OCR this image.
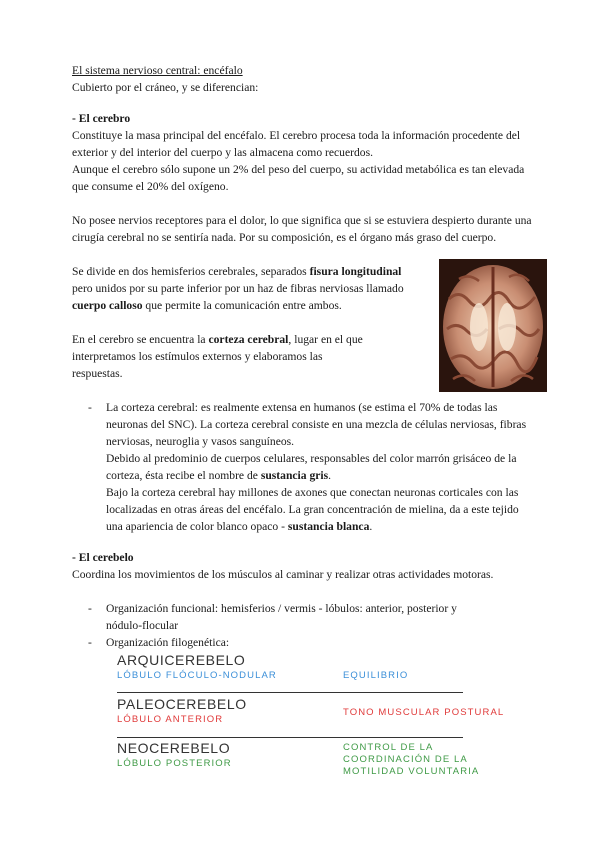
El sistema nervioso central: encéfalo

Cubierto por el cráneo, y se diferencian:

- El cerebro

Constituye la masa principal del encéfalo. El cerebro procesa toda la información procedente del exterior y del interior del cuerpo y las almacena como recuerdos.

Aunque el cerebro sólo supone un 2% del peso del cuerpo, su actividad metabólica es tan elevada que consume el 20% del oxígeno.

No posee nervios receptores para el dolor, lo que significa que si se estuviera despierto durante una cirugía cerebral no se sentiría nada. Por su composición, es el órgano más graso del cuerpo.

Se divide en dos hemisferios cerebrales, separados fisura longitudinal pero unidos por su parte inferior por un haz de fibras nerviosas llamado cuerpo calloso que permite la comunicación entre ambos.

En el cerebro se encuentra la corteza cerebral, lugar en el que interpretamos los estímulos externos y elaboramos las respuestas.

- La corteza cerebral: es realmente extensa en humanos (se estima el 70% de todas las neuronas del SNC). La corteza cerebral consiste en una mezcla de células nerviosas, fibras nerviosas, neuroglia y vasos sanguíneos.

Debido al predominio de cuerpos celulares, responsables del color marrón grisáceo de la corteza, ésta recibe el nombre de sustancia gris.

Bajo la corteza cerebral hay millones de axones que conectan neuronas corticales con las localizadas en otras áreas del encéfalo. La gran concentración de mielina, da a este tejido una apariencia de color blanco opaco - sustancia blanca.

- El cerebelo

Coordina los movimientos de los músculos al caminar y realizar otras actividades motoras.

- Organización funcional: hemisferios / vermis - lóbulos: anterior, posterior y nódulo-flocular
- Organización filogenética:
ARQUICEREBELO
LÓBULO FLÓCULO-NODULAR	EQUILIBRIO
PALEOCEREBELO
LÓBULO ANTERIOR
TONO MUSCULAR POSTURAL
NEOCEREBELO
LÓBULO POSTERIOR
CONTROL DE LA COORDINACIÓN DE LA MOTILIDAD VOLUNTARIA
